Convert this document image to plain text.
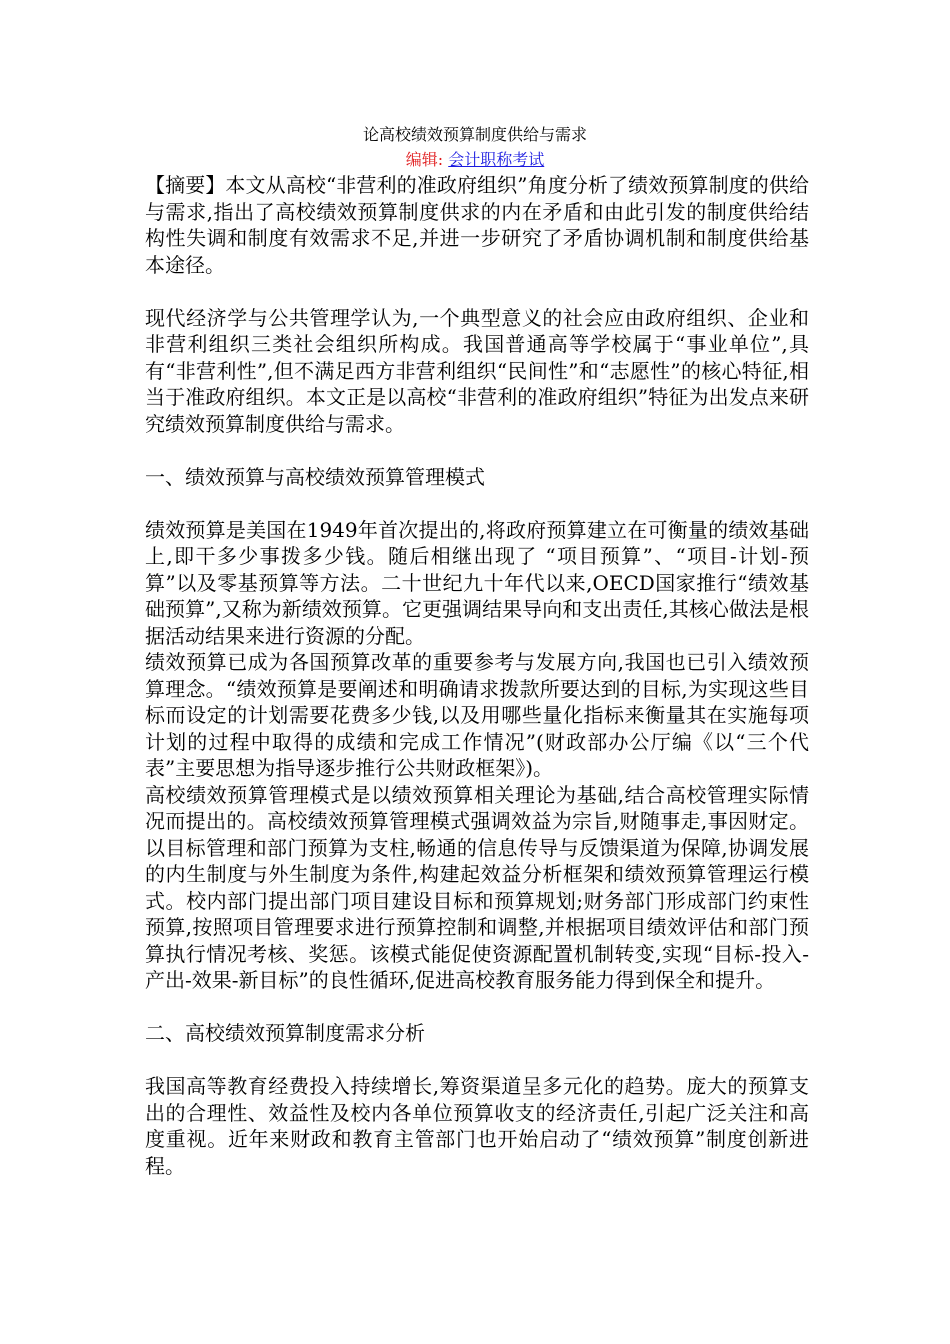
论高校绩效预算制度供给与需求
编辑: 会计职称考试

【摘要】本文从高校“非营利的准政府组织”角度分析了绩效预算制度的供给与需求,指出了高校绩效预算制度供求的内在矛盾和由此引发的制度供给结构性失调和制度有效需求不足,并进一步研究了矛盾协调机制和制度供给基本途径。

现代经济学与公共管理学认为,一个典型意义的社会应由政府组织、企业和非营利组织三类社会组织所构成。我国普通高等学校属于“事业单位”,具有“非营利性”,但不满足西方非营利组织“民间性”和“志愿性”的核心特征,相当于准政府组织。本文正是以高校“非营利的准政府组织”特征为出发点来研究绩效预算制度供给与需求。

一、绩效预算与高校绩效预算管理模式

绩效预算是美国在1949年首次提出的,将政府预算建立在可衡量的绩效基础上,即干多少事拨多少钱。随后相继出现了 “项目预算”、“项目-计划-预算”以及零基预算等方法。二十世纪九十年代以来,OECD国家推行“绩效基础预算”,又称为新绩效预算。它更强调结果导向和支出责任,其核心做法是根据活动结果来进行资源的分配。

绩效预算已成为各国预算改革的重要参考与发展方向,我国也已引入绩效预算理念。“绩效预算是要阐述和明确请求拨款所要达到的目标,为实现这些目标而设定的计划需要花费多少钱,以及用哪些量化指标来衡量其在实施每项计划的过程中取得的成绩和完成工作情况”(财政部办公厅编《以“三个代表”主要思想为指导逐步推行公共财政框架》)。

高校绩效预算管理模式是以绩效预算相关理论为基础,结合高校管理实际情况而提出的。高校绩效预算管理模式强调效益为宗旨,财随事走,事因财定。以目标管理和部门预算为支柱,畅通的信息传导与反馈渠道为保障,协调发展的内生制度与外生制度为条件,构建起效益分析框架和绩效预算管理运行模式。校内部门提出部门项目建设目标和预算规划;财务部门形成部门约束性预算,按照项目管理要求进行预算控制和调整,并根据项目绩效评估和部门预算执行情况考核、奖惩。该模式能促使资源配置机制转变,实现“目标-投入-产出-效果-新目标”的良性循环,促进高校教育服务能力得到保全和提升。

二、高校绩效预算制度需求分析

我国高等教育经费投入持续增长,筹资渠道呈多元化的趋势。庞大的预算支出的合理性、效益性及校内各单位预算收支的经济责任,引起广泛关注和高度重视。近年来财政和教育主管部门也开始启动了“绩效预算”制度创新进程。
